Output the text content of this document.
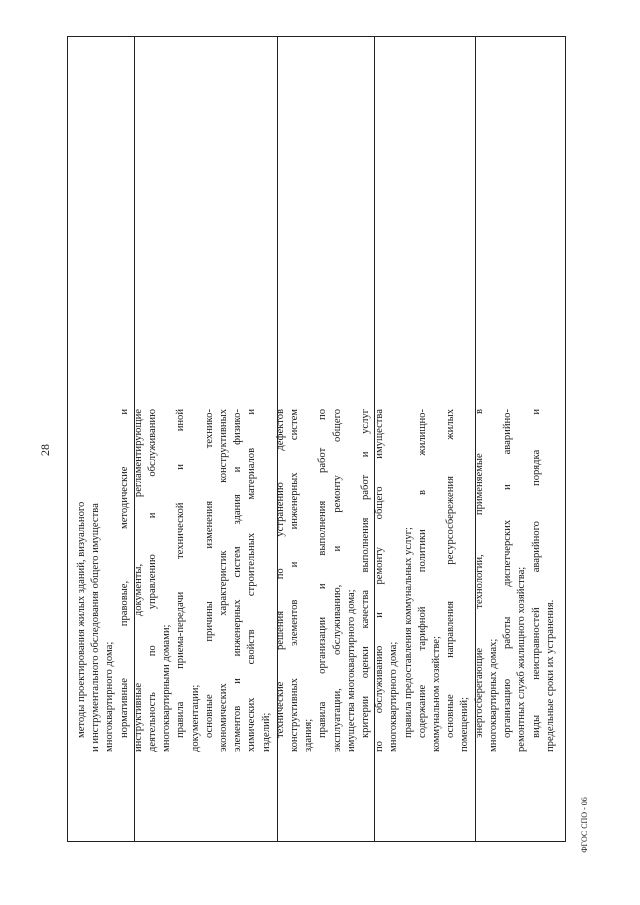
28
ФГОС СПО - 06
методы проектирования жилых зданий, визуального и инструментального обследования общего имущества многоквартирного дома; нормативные правовые, методические и инструктивные документы, регламентирующие деятельность по управлению и обслуживанию многоквартирными домами; правила приема-передачи технической и иной документации; основные причины изменения технико- экономических характеристик конструктивных элементов и инженерных систем здания и физико- химических свойств строительных материалов и изделий; технические решения по устранению дефектов конструктивных элементов и инженерных систем здания; правила организации и выполнения работ по эксплуатации, обслуживанию, и ремонту общего имущества многоквартирного дома; критерии оценки качества выполнения работ и услуг по обслуживанию и ремонту общего имущества многоквартирного дома; правила предоставления коммунальных услуг; содержание тарифной политики в жилищно- коммунальном хозяйстве; основные направления ресурсосбережения жилых помещений; энергосберегающие технологии, применяемые в многоквартирных домах; организацию работы диспетчерских и аварийно- ремонтных служб жилищного хозяйства; виды неисправностей аварийного порядка и предельные сроки их устранения.
